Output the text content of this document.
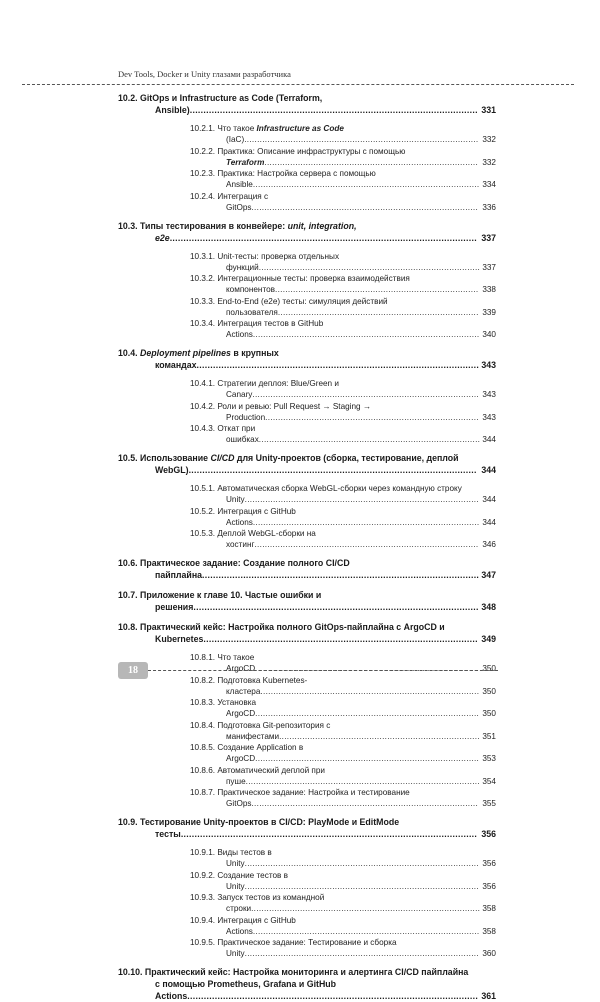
Dev Tools, Docker и Unity глазами разработчика
10.2. GitOps и Infrastructure as Code (Terraform, Ansible)......................................................................................................... 331
10.2.1. Что такое Infrastructure as Code (IaC)........................................................................................... 332
10.2.2. Практика: Описание инфраструктуры с помощью Terraform................................................................................... 332
10.2.3. Практика: Настройка сервера с помощью Ansible........................................................................................ 334
10.2.4. Интеграция с GitOps........................................................................................ 336
10.3. Типы тестирования в конвейере: unit, integration, e2e................................................................................................................ 337
10.3.1. Unit-тесты: проверка отдельных функций...................................................................................... 337
10.3.2. Интеграционные тесты: проверка взаимодействия компонентов............................................................................... 338
10.3.3. End-to-End (e2e) тесты: симуляция действий пользователя.............................................................................. 339
10.3.4. Интеграция тестов в GitHub Actions........................................................................................ 340
10.4. Deployment pipelines в крупных командах....................................................................................................... 343
10.4.1. Стратегии деплоя: Blue/Green и Canary........................................................................................ 343
10.4.2. Роли и ревью: Pull Request → Staging → Production................................................................................... 343
10.4.3. Откат при ошибках...................................................................................... 344
10.5. Использование CI/CD для Unity-проектов (сборка, тестирование, деплой WebGL)......................................................................................................... 344
10.5.1. Автоматическая сборка WebGL-сборки через командную строку Unity........................................................................................... 344
10.5.2. Интеграция с GitHub Actions........................................................................................ 344
10.5.3. Деплой WebGL-сборки на хостинг....................................................................................... 346
10.6. Практическое задание: Создание полного CI/CD пайплайна..................................................................................................... 347
10.7. Приложение к главе 10. Частые ошибки и решения........................................................................................................ 348
10.8. Практический кейс: Настройка полного GitOps-пайплайна с ArgoCD и Kubernetes.................................................................................................... 349
10.8.1. Что такое ArgoCD....................................................................................... 350
10.8.2. Подготовка Kubernetes-кластера..................................................................................... 350
10.8.3. Установка ArgoCD....................................................................................... 350
10.8.4. Подготовка Git-репозитория с манифестами.............................................................................. 351
10.8.5. Создание Application в ArgoCD....................................................................................... 353
10.8.6. Автоматический деплой при пуше........................................................................................... 354
10.8.7. Практическое задание: Настройка и тестирование GitOps........................................................................................ 355
10.9. Тестирование Unity-проектов в CI/CD: PlayMode и EditMode тесты............................................................................................................ 356
10.9.1. Виды тестов в Unity........................................................................................... 356
10.9.2. Создание тестов в Unity........................................................................................... 356
10.9.3. Запуск тестов из командной строки......................................................................................... 358
10.9.4. Интеграция с GitHub Actions........................................................................................ 358
10.9.5. Практическое задание: Тестирование и сборка Unity........................................................................................... 360
10.10. Практический кейс: Настройка мониторинга и алертинга CI/CD пайплайна с помощью Prometheus, Grafana и GitHub Actions.......................................................................................................... 361
18
